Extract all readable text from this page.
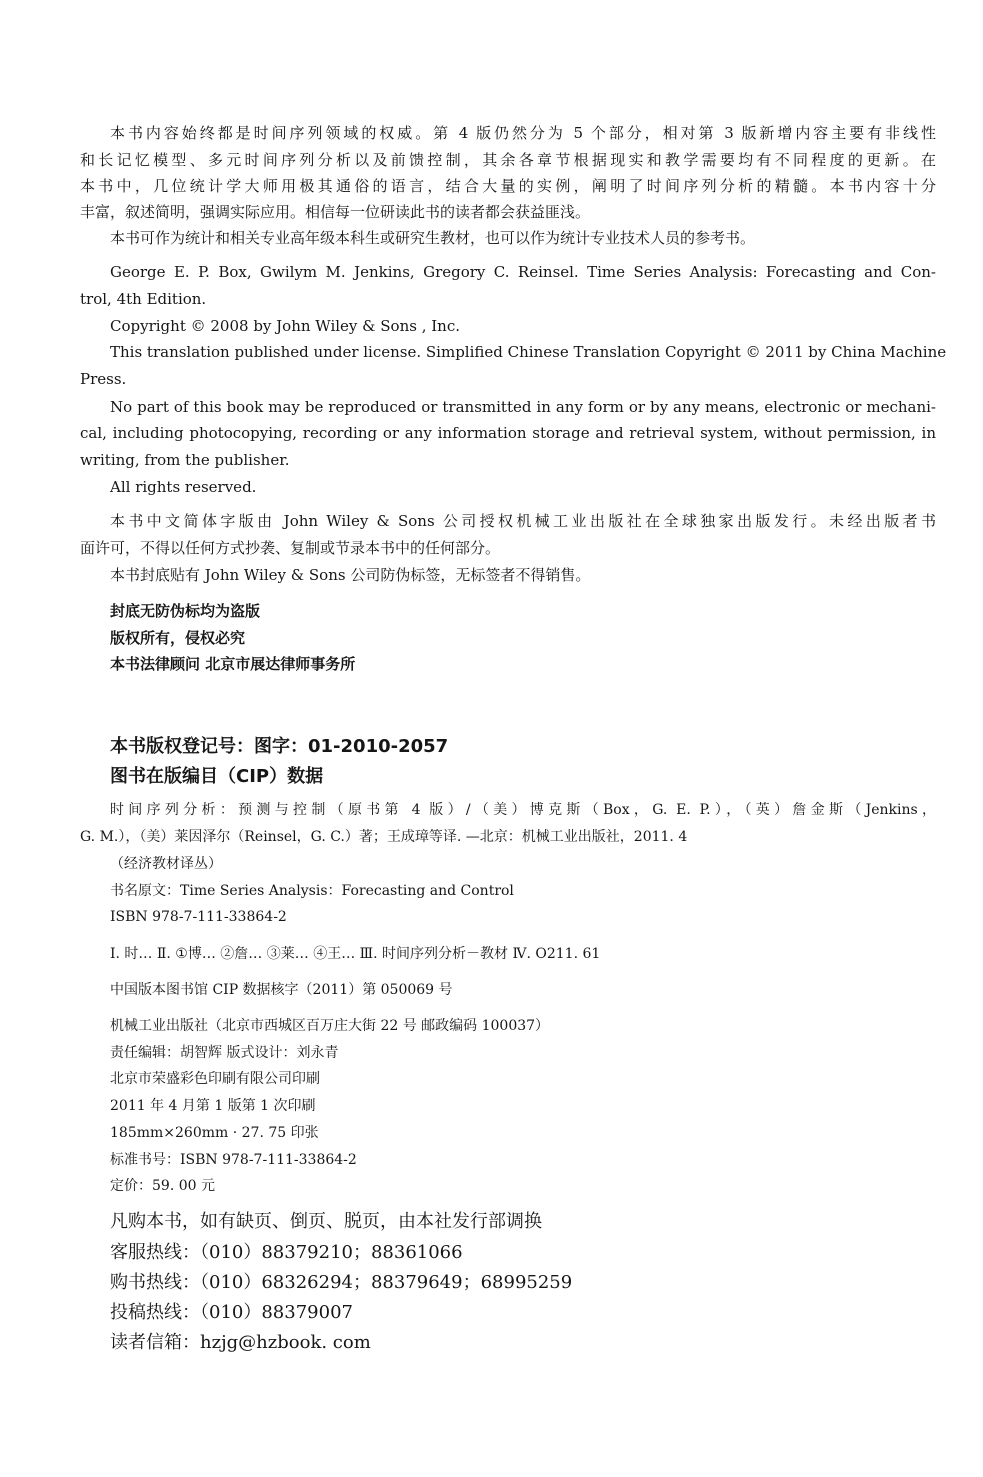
本书内容始终都是时间序列领域的权威。第 4 版仍然分为 5 个部分，相对第 3 版新增内容主要有非线性
和长记忆模型、多元时间序列分析以及前馈控制，其余各章节根据现实和教学需要均有不同程度的更新。在
本书中，几位统计学大师用极其通俗的语言，结合大量的实例，阐明了时间序列分析的精髓。本书内容十分
丰富，叙述简明，强调实际应用。相信每一位研读此书的读者都会获益匪浅。
本书可作为统计和相关专业高年级本科生或研究生教材，也可以作为统计专业技术人员的参考书。
George E. P. Box, Gwilym M. Jenkins, Gregory C. Reinsel. Time Series Analysis: Forecasting and Con-
trol, 4th Edition.
Copyright © 2008 by John Wiley & Sons , Inc.
This translation published under license. Simplified Chinese Translation Copyright © 2011 by China Machine
Press.
No part of this book may be reproduced or transmitted in any form or by any means, electronic or mechani-
cal, including photocopying, recording or any information storage and retrieval system, without permission, in
writing, from the publisher.
All rights reserved.
本书中文简体字版由 John Wiley & Sons 公司授权机械工业出版社在全球独家出版发行。未经出版者书
面许可，不得以任何方式抄袭、复制或节录本书中的任何部分。
本书封底贴有 John Wiley & Sons 公司防伪标签，无标签者不得销售。
封底无防伪标均为盗版
版权所有，侵权必究
本书法律顾问 北京市展达律师事务所
本书版权登记号：图字：01-2010-2057
图书在版编目（CIP）数据
时间序列分析：预测与控制（原书第 4 版）/（美）博克斯（Box，G. E. P.），（英）詹金斯（Jenkins，
G. M.），（美）莱因泽尔（Reinsel，G. C.）著；王成璋等译. —北京：机械工业出版社，2011. 4
（经济教材译丛）
书名原文：Time Series Analysis：Forecasting and Control
ISBN 978-7-111-33864-2
Ⅰ. 时… Ⅱ. ①博… ②詹… ③莱… ④王… Ⅲ. 时间序列分析－教材 Ⅳ. O211. 61
中国版本图书馆 CIP 数据核字（2011）第 050069 号
机械工业出版社（北京市西城区百万庄大街 22 号 邮政编码 100037）
责任编辑：胡智辉 版式设计：刘永青
北京市荣盛彩色印刷有限公司印刷
2011 年 4 月第 1 版第 1 次印刷
185mm×260mm · 27. 75 印张
标准书号：ISBN 978-7-111-33864-2
定价：59. 00 元
凡购本书，如有缺页、倒页、脱页，由本社发行部调换
客服热线：（010）88379210；88361066
购书热线：（010）68326294；88379649；68995259
投稿热线：（010）88379007
读者信箱：hzjg@hzbook. com
